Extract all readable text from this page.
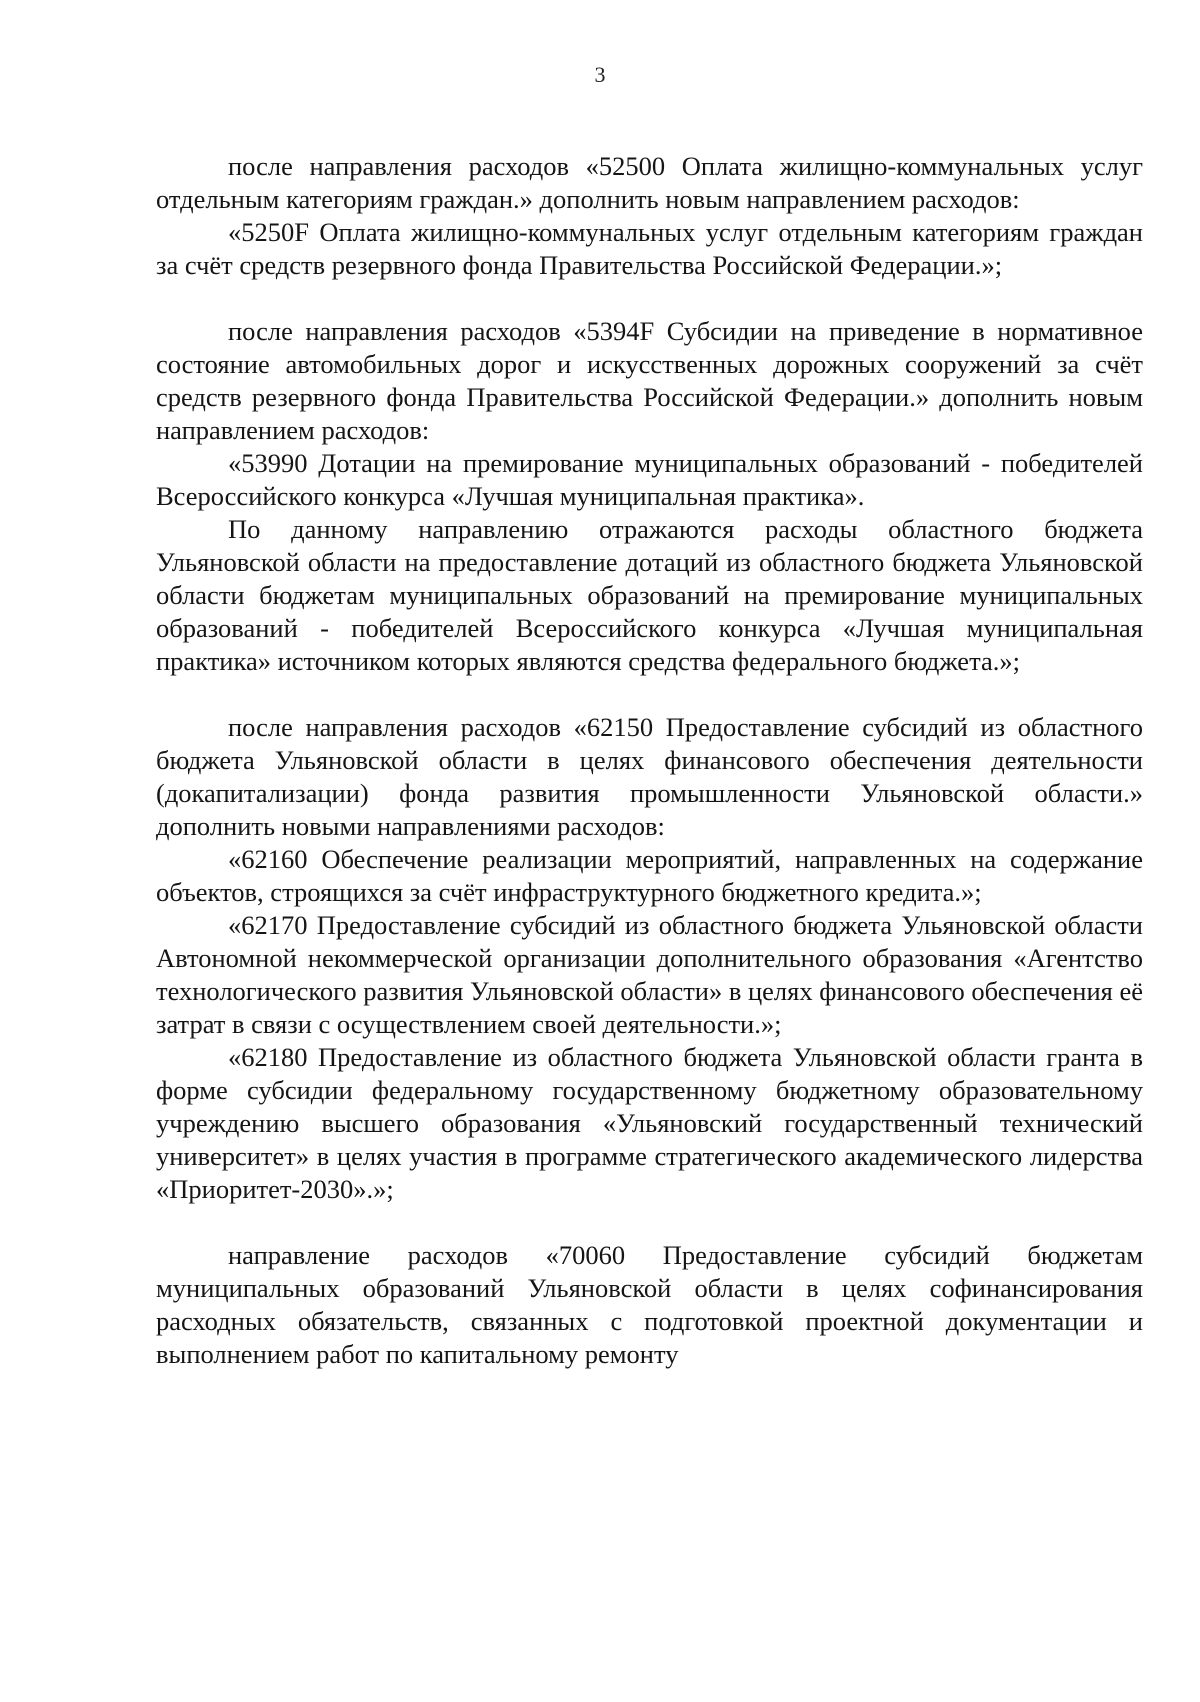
3

после направления расходов «52500 Оплата жилищно-коммунальных услуг отдельным категориям граждан.» дополнить новым направлением расходов:

«5250F Оплата жилищно-коммунальных услуг отдельным категориям граждан за счёт средств резервного фонда Правительства Российской Федерации.»;

после направления расходов «5394F Субсидии на приведение в нормативное состояние автомобильных дорог и искусственных дорожных сооружений за счёт средств резервного фонда Правительства Российской Федерации.» дополнить новым направлением расходов:

«53990 Дотации на премирование муниципальных образований - победителей Всероссийского конкурса «Лучшая муниципальная практика».

По данному направлению отражаются расходы областного бюджета Ульяновской области на предоставление дотаций из областного бюджета Ульяновской области бюджетам муниципальных образований на премирование муниципальных образований - победителей Всероссийского конкурса «Лучшая муниципальная практика» источником которых являются средства федерального бюджета.»;

после направления расходов «62150 Предоставление субсидий из областного бюджета Ульяновской области в целях финансового обеспечения деятельности (докапитализации) фонда развития промышленности Ульяновской области.» дополнить новыми направлениями расходов:

«62160 Обеспечение реализации мероприятий, направленных на содержание объектов, строящихся за счёт инфраструктурного бюджетного кредита.»;

«62170 Предоставление субсидий из областного бюджета Ульяновской области Автономной некоммерческой организации дополнительного образования «Агентство технологического развития Ульяновской области» в целях финансового обеспечения её затрат в связи с осуществлением своей деятельности.»;

«62180 Предоставление из областного бюджета Ульяновской области гранта в форме субсидии федеральному государственному бюджетному образовательному учреждению высшего образования «Ульяновский государственный технический университет» в целях участия в программе стратегического академического лидерства «Приоритет-2030».»;

направление расходов «70060 Предоставление субсидий бюджетам муниципальных образований Ульяновской области в целях софинансирования расходных обязательств, связанных с подготовкой проектной документации и выполнением работ по капитальному ремонту
